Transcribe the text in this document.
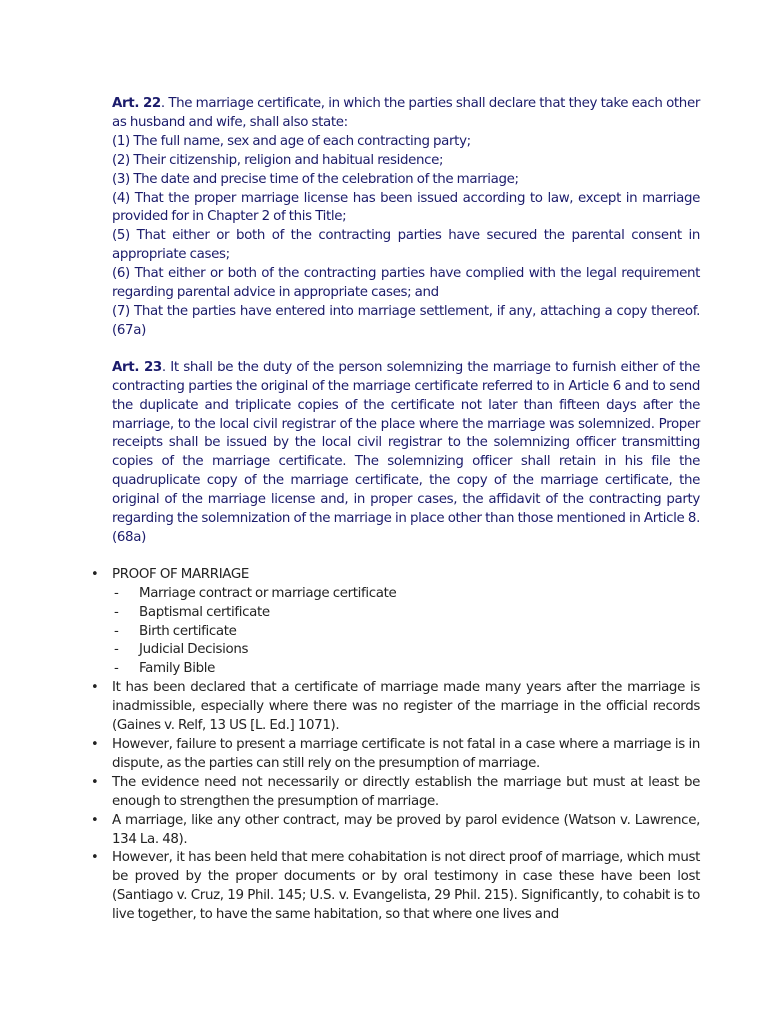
Art. 22. The marriage certificate, in which the parties shall declare that they take each other as husband and wife, shall also state:

(1) The full name, sex and age of each contracting party;

(2) Their citizenship, religion and habitual residence;

(3) The date and precise time of the celebration of the marriage;

(4) That the proper marriage license has been issued according to law, except in marriage provided for in Chapter 2 of this Title;

(5) That either or both of the contracting parties have secured the parental consent in appropriate cases;

(6) That either or both of the contracting parties have complied with the legal requirement regarding parental advice in appropriate cases; and

(7) That the parties have entered into marriage settlement, if any, attaching a copy thereof. (67a)

Art. 23. It shall be the duty of the person solemnizing the marriage to furnish either of the contracting parties the original of the marriage certificate referred to in Article 6 and to send the duplicate and triplicate copies of the certificate not later than fifteen days after the marriage, to the local civil registrar of the place where the marriage was solemnized. Proper receipts shall be issued by the local civil registrar to the solemnizing officer transmitting copies of the marriage certificate. The solemnizing officer shall retain in his file the quadruplicate copy of the marriage certificate, the copy of the marriage certificate, the original of the marriage license and, in proper cases, the affidavit of the contracting party regarding the solemnization of the marriage in place other than those mentioned in Article 8. (68a)

• PROOF OF MARRIAGE
- Marriage contract or marriage certificate
- Baptismal certificate
- Birth certificate
- Judicial Decisions
- Family Bible
• It has been declared that a certificate of marriage made many years after the marriage is inadmissible, especially where there was no register of the marriage in the official records (Gaines v. Relf, 13 US [L. Ed.] 1071).
• However, failure to present a marriage certificate is not fatal in a case where a marriage is in dispute, as the parties can still rely on the presumption of marriage.
• The evidence need not necessarily or directly establish the marriage but must at least be enough to strengthen the presumption of marriage.
• A marriage, like any other contract, may be proved by parol evidence (Watson v. Lawrence, 134 La. 48).
• However, it has been held that mere cohabitation is not direct proof of marriage, which must be proved by the proper documents or by oral testimony in case these have been lost (Santiago v. Cruz, 19 Phil. 145; U.S. v. Evangelista, 29 Phil. 215). Significantly, to cohabit is to live together, to have the same habitation, so that where one lives and
